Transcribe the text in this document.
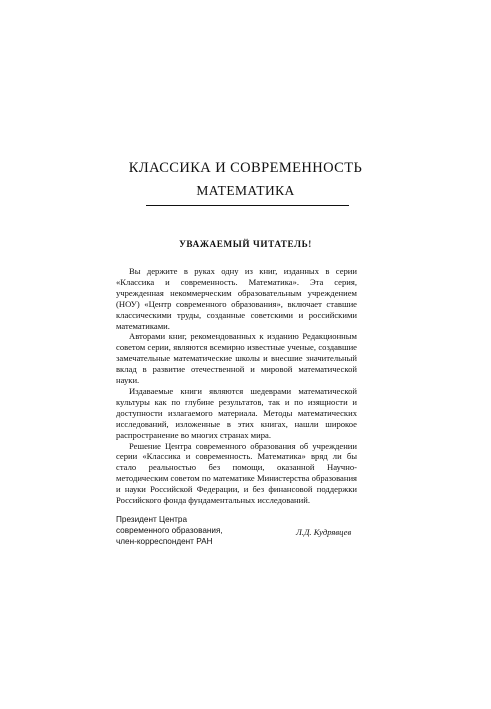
КЛАССИКА И СОВРЕМЕННОСТЬ
МАТЕМАТИКА
УВАЖАЕМЫЙ ЧИТАТЕЛЬ!

Вы держите в руках одну из книг, изданных в серии «Классика и современность. Математика». Эта серия, учрежденная некоммерческим образовательным учреждением (НОУ) «Центр современного образования», включает ставшие классическими труды, созданные советскими и российскими математиками.

Авторами книг, рекомендованных к изданию Редакционным советом серии, являются всемирно известные ученые, создавшие замечательные математические школы и внесшие значительный вклад в развитие отечественной и мировой математической науки.

Издаваемые книги являются шедеврами математической культуры как по глубине результатов, так и по изящности и доступности излагаемого материала. Методы математических исследований, изложенные в этих книгах, нашли широкое распространение во многих странах мира.

Решение Центра современного образования об учреждении серии «Классика и современность. Математика» вряд ли бы стало реальностью без помощи, оказанной Научно-методическим советом по математике Министерства образования и науки Российской Федерации, и без финансовой поддержки Российского фонда фундаментальных исследований.

Президент Центра
современного образования,
член-корреспондент РАН
Л.Д. Кудрявцев
